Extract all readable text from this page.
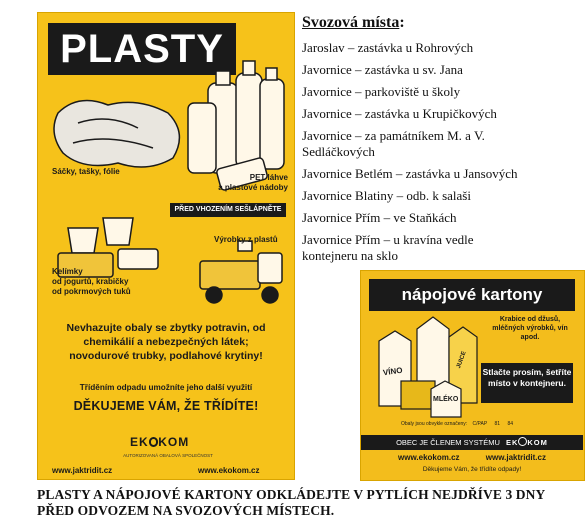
PLASTY
Sáčky, tašky, fólie
PET láhve
a plastové nádoby
PŘED VHOZENÍM SEŠLÁPNĚTE
Výrobky z plastů
Kelímky
od jogurtů, krabičky
od pokrmových tuků
Nevhazujte obaly se zbytky potravin, od chemikálií a nebezpečných látek; novodurové trubky, podlahové krytiny!
Tříděním odpadu umožníte jeho další využití
DĚKUJEME VÁM, ŽE TŘÍDÍTE!
EK KOM
AUTORIZOVANÁ OBALOVÁ SPOLEČNOST
www.jaktridit.cz	www.ekokom.cz
Svozová místa:
Jaroslav – zastávka u Rohrových
Javornice – zastávka u sv. Jana
Javornice – parkoviště u školy
Javornice – zastávka u Krupičkových
Javornice – za památníkem M. a V. Sedláčkových
Javornice Betlém – zastávka u Jansových
Javornice Blatiny – odb. k salaši
Javornice Přím – ve Staňkách
Javornice Přím – u kravína vedle kontejneru na sklo
nápojové kartony
VÍNO
JUICE
MLÉKO
Krabice od džusů, mléčných výrobků, vín apod.
Stlačte prosím, šetříte místo v kontejneru.
Obaly jsou obvykle označeny: C/PAP 81 84
OBEC JE ČLENEM SYSTÉMU EK KOM
www.ekokom.cz	www.jaktridit.cz
Děkujeme Vám, že třídíte odpady!
PLASTY A NÁPOJOVÉ KARTONY ODKLÁDEJTE V PYTLÍCH NEJDŘÍVE 3 DNY PŘED ODVOZEM NA SVOZOVÝCH MÍSTECH.
